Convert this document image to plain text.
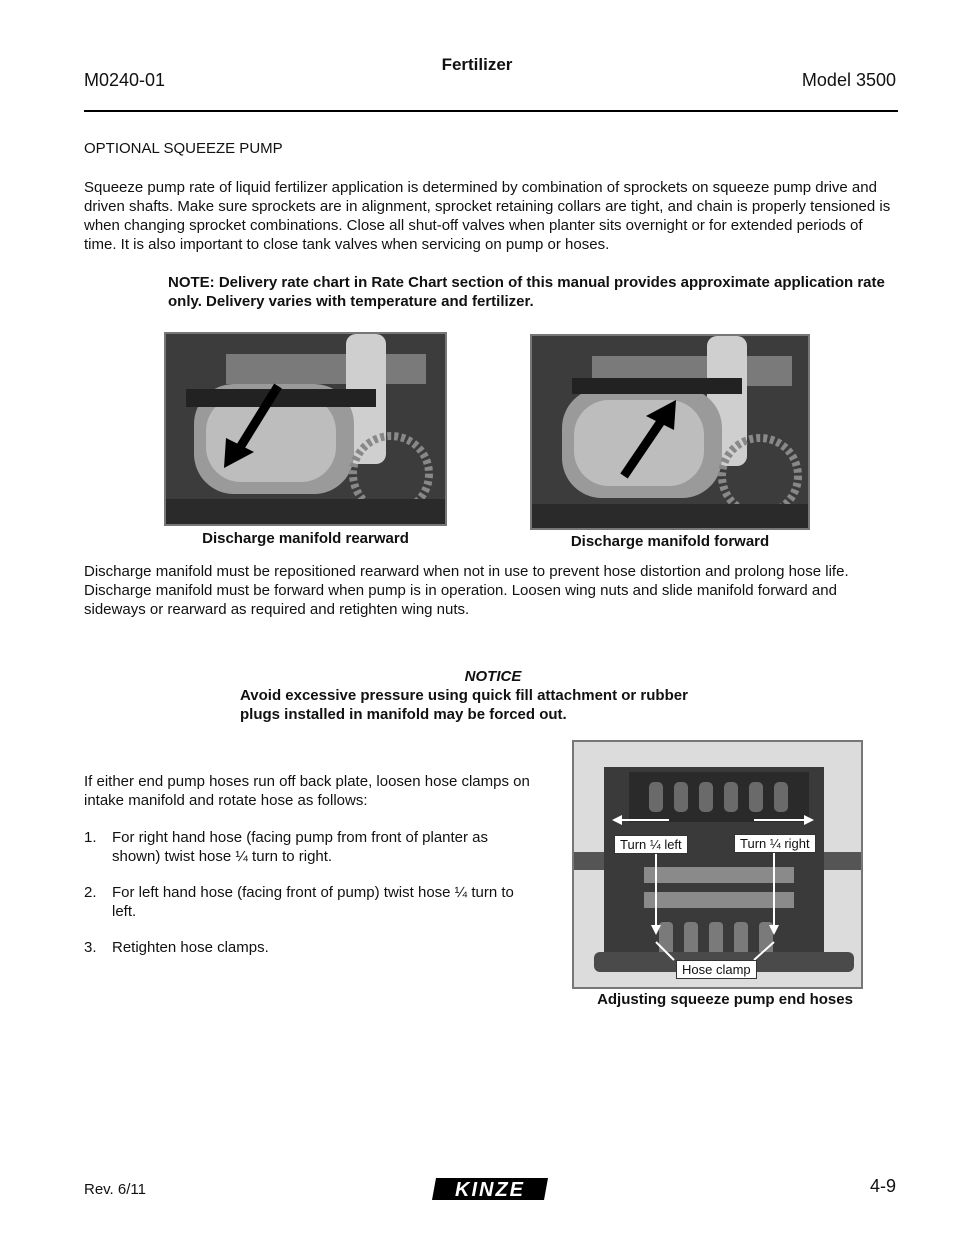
M0240-01
Fertilizer
Model 3500
OPTIONAL SQUEEZE PUMP
Squeeze pump rate of liquid fertilizer application is determined by combination of sprockets on squeeze pump drive and driven shafts. Make sure sprockets are in alignment, sprocket retaining collars are tight, and chain is properly tensioned is when changing sprocket combinations. Close all shut-off valves when planter sits overnight or for extended periods of time. It is also important to close tank valves when servicing on pump or hoses.
NOTE: Delivery rate chart in Rate Chart section of this manual provides approximate application rate only. Delivery varies with temperature and fertilizer.
Discharge manifold rearward	Discharge manifold forward
Discharge manifold must be repositioned rearward when not in use to prevent hose distortion and prolong hose life. Discharge manifold must be forward when pump is in operation. Loosen wing nuts and slide manifold forward and sideways or rearward as required and retighten wing nuts.
NOTICE
Avoid excessive pressure using quick fill attachment or rubber plugs installed in manifold may be forced out.
If either end pump hoses run off back plate, loosen hose clamps on intake manifold and rotate hose as follows:
1. For right hand hose (facing pump from front of planter as shown) twist hose ¼ turn to right.
2. For left hand hose (facing front of pump) twist hose ¼ turn to left.
3. Retighten hose clamps.
Turn ¼ left	Turn ¼ right
Hose clamp
Adjusting squeeze pump end hoses
Rev. 6/11	KINZE	4-9
